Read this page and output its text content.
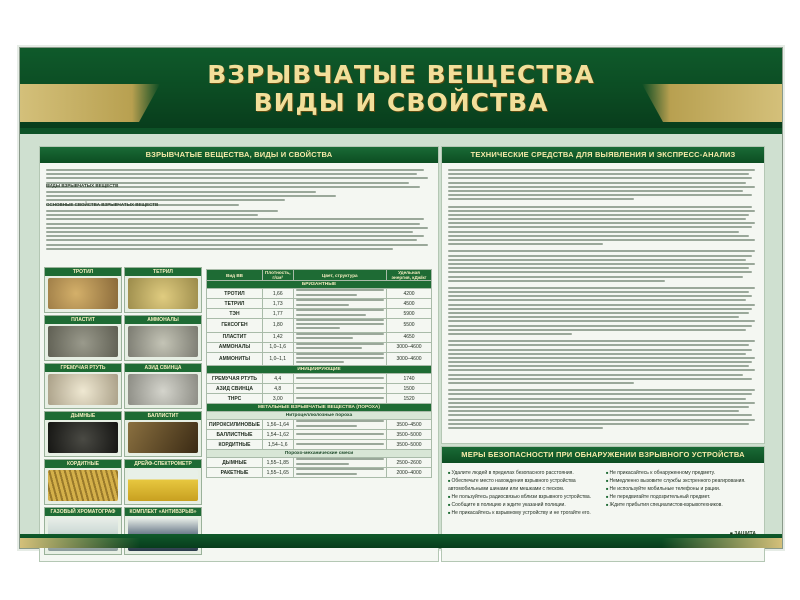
ВЗРЫВЧАТЫЕ ВЕЩЕСТВА
ВИДЫ И СВОЙСТВА
ВЗРЫВЧАТЫЕ ВЕЩЕСТВА, ВИДЫ И СВОЙСТВА
ВИДЫ ВЗРЫВЧАТЫХ ВЕЩЕСТВ
ОСНОВНЫЕ СВОЙСТВА ВЗРЫВЧАТЫХ ВЕЩЕСТВ
ТРОТИЛ	ТЕТРИЛ
ПЛАСТИТ	АММОНАЛЫ
ГРЕМУЧАЯ РТУТЬ	АЗИД СВИНЦА
ДЫМНЫЕ	БАЛЛИСТИТ
КОРДИТНЫЕ	ДРЕЙФ-СПЕКТРОМЕТР
ГАЗОВЫЙ ХРОМАТОГРАФ	КОМПЛЕКТ «АНТИВЗРЫВ»
Вид ВВ	Плотность, г/см³	Цвет, структура	Удельная энергия, кДж/кг
БРИЗАНТНЫЕ			
ТРОТИЛ	1,66		4200
ТЕТРИЛ	1,73		4500
ТЭН	1,77		5900
ГЕКСОГЕН	1,80		5500
ПЛАСТИТ	1,42		4650
АММОНАЛЫ	1,0–1,6		3000–4600
АММОНИТЫ	1,0–1,1		3000–4600
ИНИЦИИРУЮЩИЕ			
ГРЕМУЧАЯ РТУТЬ	4,4		1740
АЗИД СВИНЦА	4,8		1500
ТНРС	3,00		1520
МЕТАЛЬНЫЕ ВЗРЫВЧАТЫЕ ВЕЩЕСТВА (ПОРОХА)			
Нитроцеллюлозные пороха			
ПИРОКСИЛИНОВЫЕ	1,56–1,64		3500–4500
БАЛЛИСТНЫЕ	1,54–1,62		3500–5000
КОРДИТНЫЕ	1,54–1,6		3500–5000
Порохо-механические смеси			
ДЫМНЫЕ	1,55–1,85		2500–2600
РАКЕТНЫЕ	1,55–1,65		2000–4000
ТЕХНИЧЕСКИЕ СРЕДСТВА ДЛЯ ВЫЯВЛЕНИЯ И ЭКСПРЕСС-АНАЛИЗ
МЕРЫ БЕЗОПАСНОСТИ ПРИ ОБНАРУЖЕНИИ ВЗРЫВНОГО УСТРОЙСТВА
■ Удалите людей в пределах безопасного расстояния.
■ Обеспечьте место нахождения взрывного устройства автомобильными шинами или мешками с песком.
■ Не пользуйтесь радиосвязью вблизи взрывного устройства.
■ Сообщите в полицию и ждите указаний полиции.
■ Не прикасайтесь к взрывному устройству и не трогайте его.
■ Не прикасайтесь к обнаруженному предмету.
■ Немедленно вызовите службы экстренного реагирования.
■ Не используйте мобильные телефоны и рации.
■ Не передвигайте подозрительный предмет.
■ Ждите прибытия специалистов-взрывотехников.
■ ЗАЩИТА
